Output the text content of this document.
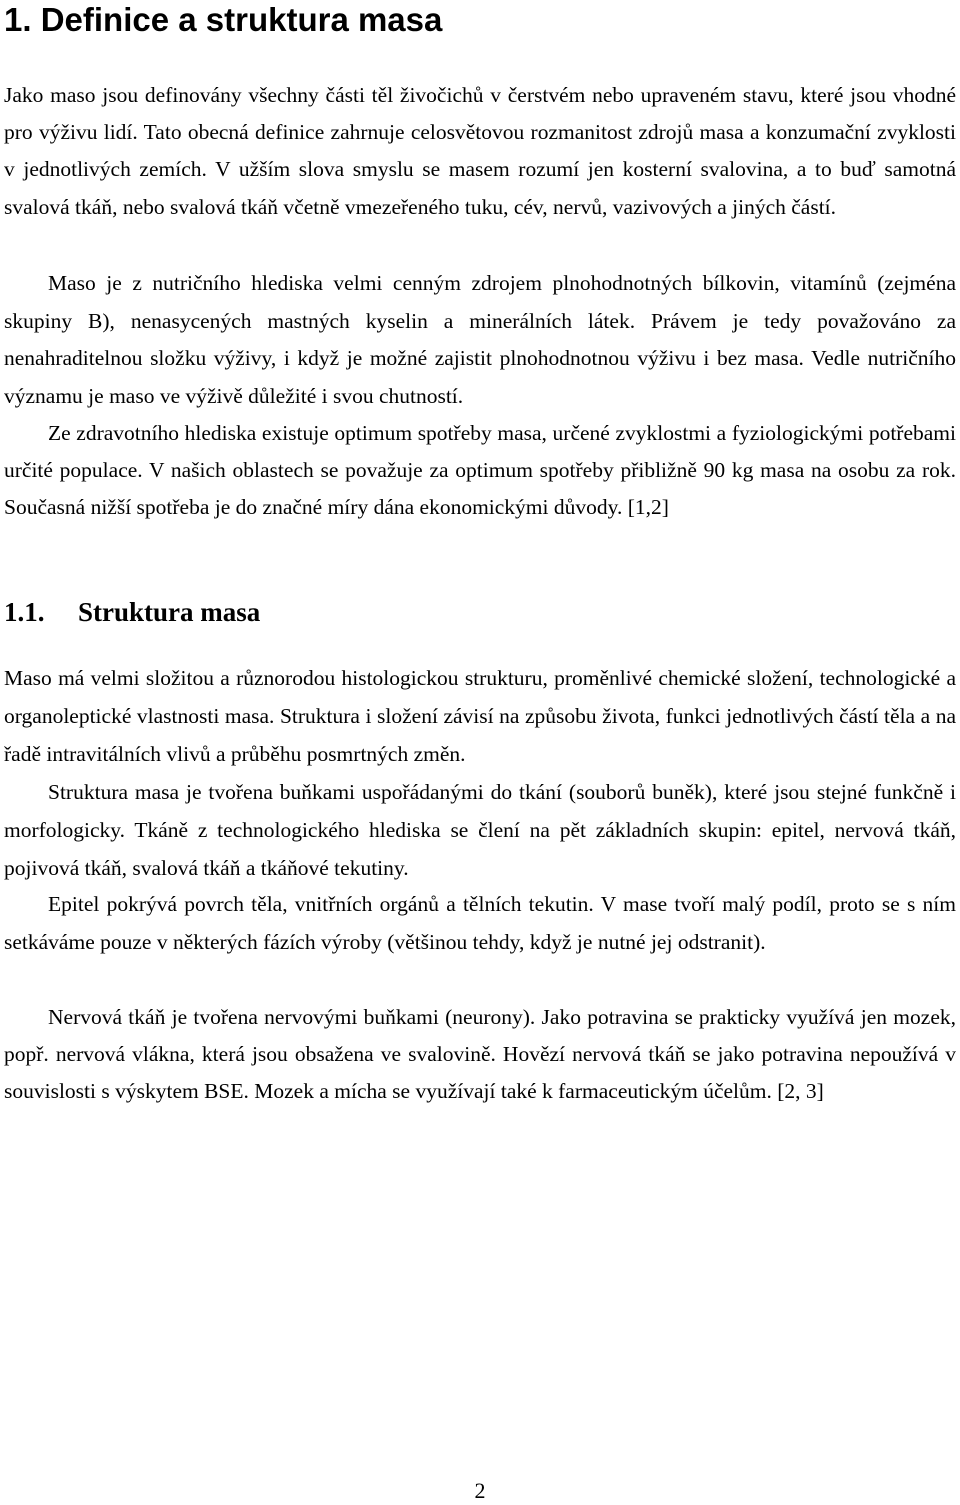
1. Definice a struktura masa

Jako maso jsou definovány všechny části těl živočichů v čerstvém nebo upraveném stavu, které jsou vhodné pro výživu lidí. Tato obecná definice zahrnuje celosvětovou rozmanitost zdrojů masa a konzumační zvyklosti v jednotlivých zemích. V užším slova smyslu se masem rozumí jen kosterní svalovina, a to buď samotná svalová tkáň, nebo svalová tkáň včetně vmezeřeného tuku, cév, nervů, vazivových a jiných částí.

Maso je z nutričního hlediska velmi cenným zdrojem plnohodnotných bílkovin, vitamínů (zejména skupiny B), nenasycených mastných kyselin a minerálních látek. Právem je tedy považováno za nenahraditelnou složku výživy, i když je možné zajistit plnohodnotnou výživu i bez masa. Vedle nutričního významu je maso ve výživě důležité i svou chutností.

Ze zdravotního hlediska existuje optimum spotřeby masa, určené zvyklostmi a fyziologickými potřebami určité populace. V našich oblastech se považuje za optimum spotřeby přibližně 90 kg masa na osobu za rok. Současná nižší spotřeba je do značné míry dána ekonomickými důvody. [1,2]

1.1. Struktura masa

Maso má velmi složitou a různorodou histologickou strukturu, proměnlivé chemické složení, technologické a organoleptické vlastnosti masa. Struktura i složení závisí na způsobu života, funkci jednotlivých částí těla a na řadě intravitálních vlivů a průběhu posmrtných změn.

Struktura masa je tvořena buňkami uspořádanými do tkání (souborů buněk), které jsou stejné funkčně i morfologicky. Tkáně z technologického hlediska se člení na pět základních skupin: epitel, nervová tkáň, pojivová tkáň, svalová tkáň a tkáňové tekutiny.

Epitel pokrývá povrch těla, vnitřních orgánů a tělních tekutin. V mase tvoří malý podíl, proto se s ním setkáváme pouze v některých fázích výroby (většinou tehdy, když je nutné jej odstranit).

Nervová tkáň je tvořena nervovými buňkami (neurony). Jako potravina se prakticky využívá jen mozek, popř. nervová vlákna, která jsou obsažena ve svalovině. Hovězí nervová tkáň se jako potravina nepoužívá v souvislosti s výskytem BSE. Mozek a mícha se využívají také k farmaceutickým účelům. [2, 3]

2
